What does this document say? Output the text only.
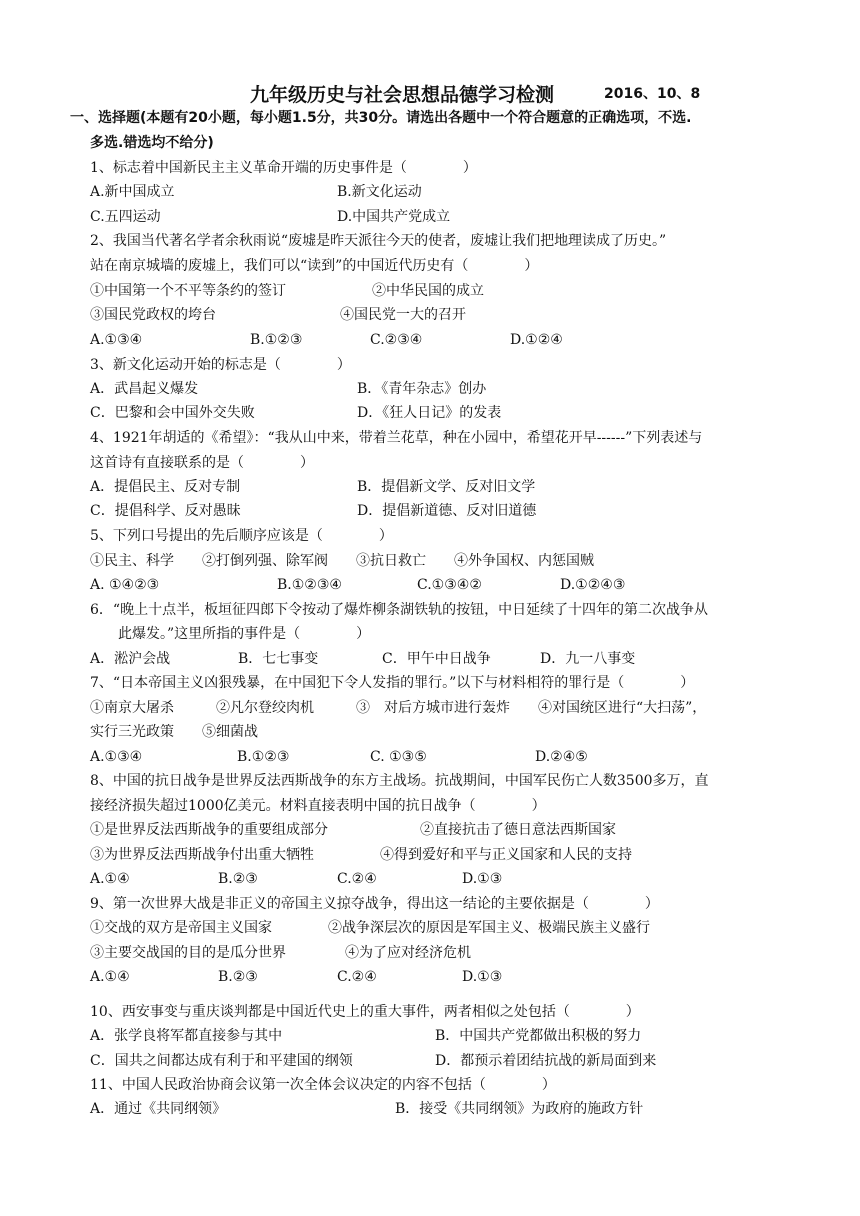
九年级历史与社会思想品德学习检测	2016、10、8
一、选择题(本题有20小题，每小题1.5分，共30分。请选出各题中一个符合题意的正确选项，不选.
多选.错选均不给分)
1、标志着中国新民主主义革命开端的历史事件是（　　　　）
A.新中国成立	B.新文化运动
C.五四运动	D.中国共产党成立
2、我国当代著名学者余秋雨说“废墟是昨天派往今天的使者，废墟让我们把地理读成了历史。”
站在南京城墙的废墟上，我们可以“读到”的中国近代历史有（　　　　）
①中国第一个不平等条约的签订	②中华民国的成立
③国民党政权的垮台	④国民党一大的召开
A.①③④	B.①②③	C.②③④	D.①②④
3、新文化运动开始的标志是（　　　　）
A．武昌起义爆发	B．《青年杂志》创办
C．巴黎和会中国外交失败	D．《狂人日记》的发表
4、1921年胡适的《希望》：“我从山中来，带着兰花草，种在小园中，希望花开早------”下列表述与
这首诗有直接联系的是（　　　　）
A．提倡民主、反对专制	B．提倡新文学、反对旧文学
C．提倡科学、反对愚昧	D．提倡新道德、反对旧道德
5、下列口号提出的先后顺序应该是（　　　　）
①民主、科学　　②打倒列强、除军阀　　③抗日救亡　　④外争国权、内惩国贼
A. ①④②③	B.①②③④	C.①③④②	D.①②④③
6．“晚上十点半，板垣征四郎下令按动了爆炸柳条湖铁轨的按钮，中日延续了十四年的第二次战争从
此爆发。”这里所指的事件是（　　　　）
A．淞沪会战	B．七七事变	C．甲午中日战争	D．九一八事变
7、“日本帝国主义凶狠残暴，在中国犯下令人发指的罪行。”以下与材料相符的罪行是（　　　　）
①南京大屠杀　　　②凡尔登绞肉机　　　③　对后方城市进行轰炸　　④对国统区进行“大扫荡”，
实行三光政策　　⑤细菌战
A.①③④	B.①②③	C. ①③⑤	D.②④⑤
8、中国的抗日战争是世界反法西斯战争的东方主战场。抗战期间，中国军民伤亡人数3500多万，直
接经济损失超过1000亿美元。材料直接表明中国的抗日战争（　　　　）
①是世界反法西斯战争的重要组成部分	②直接抗击了德日意法西斯国家
③为世界反法西斯战争付出重大牺牲	④得到爱好和平与正义国家和人民的支持
A.①④	B.②③	C.②④	D.①③
9、第一次世界大战是非正义的帝国主义掠夺战争，得出这一结论的主要依据是（　　　　）
①交战的双方是帝国主义国家	②战争深层次的原因是军国主义、极端民族主义盛行
③主要交战国的目的是瓜分世界	④为了应对经济危机
A.①④	B.②③	C.②④	D.①③
10、西安事变与重庆谈判都是中国近代史上的重大事件，两者相似之处包括（　　　　）
A．张学良将军都直接参与其中	B．中国共产党都做出积极的努力
C．国共之间都达成有利于和平建国的纲领	D．都预示着团结抗战的新局面到来
11、中国人民政治协商会议第一次全体会议决定的内容不包括（　　　　）
A．通过《共同纲领》	B．接受《共同纲领》为政府的施政方针
